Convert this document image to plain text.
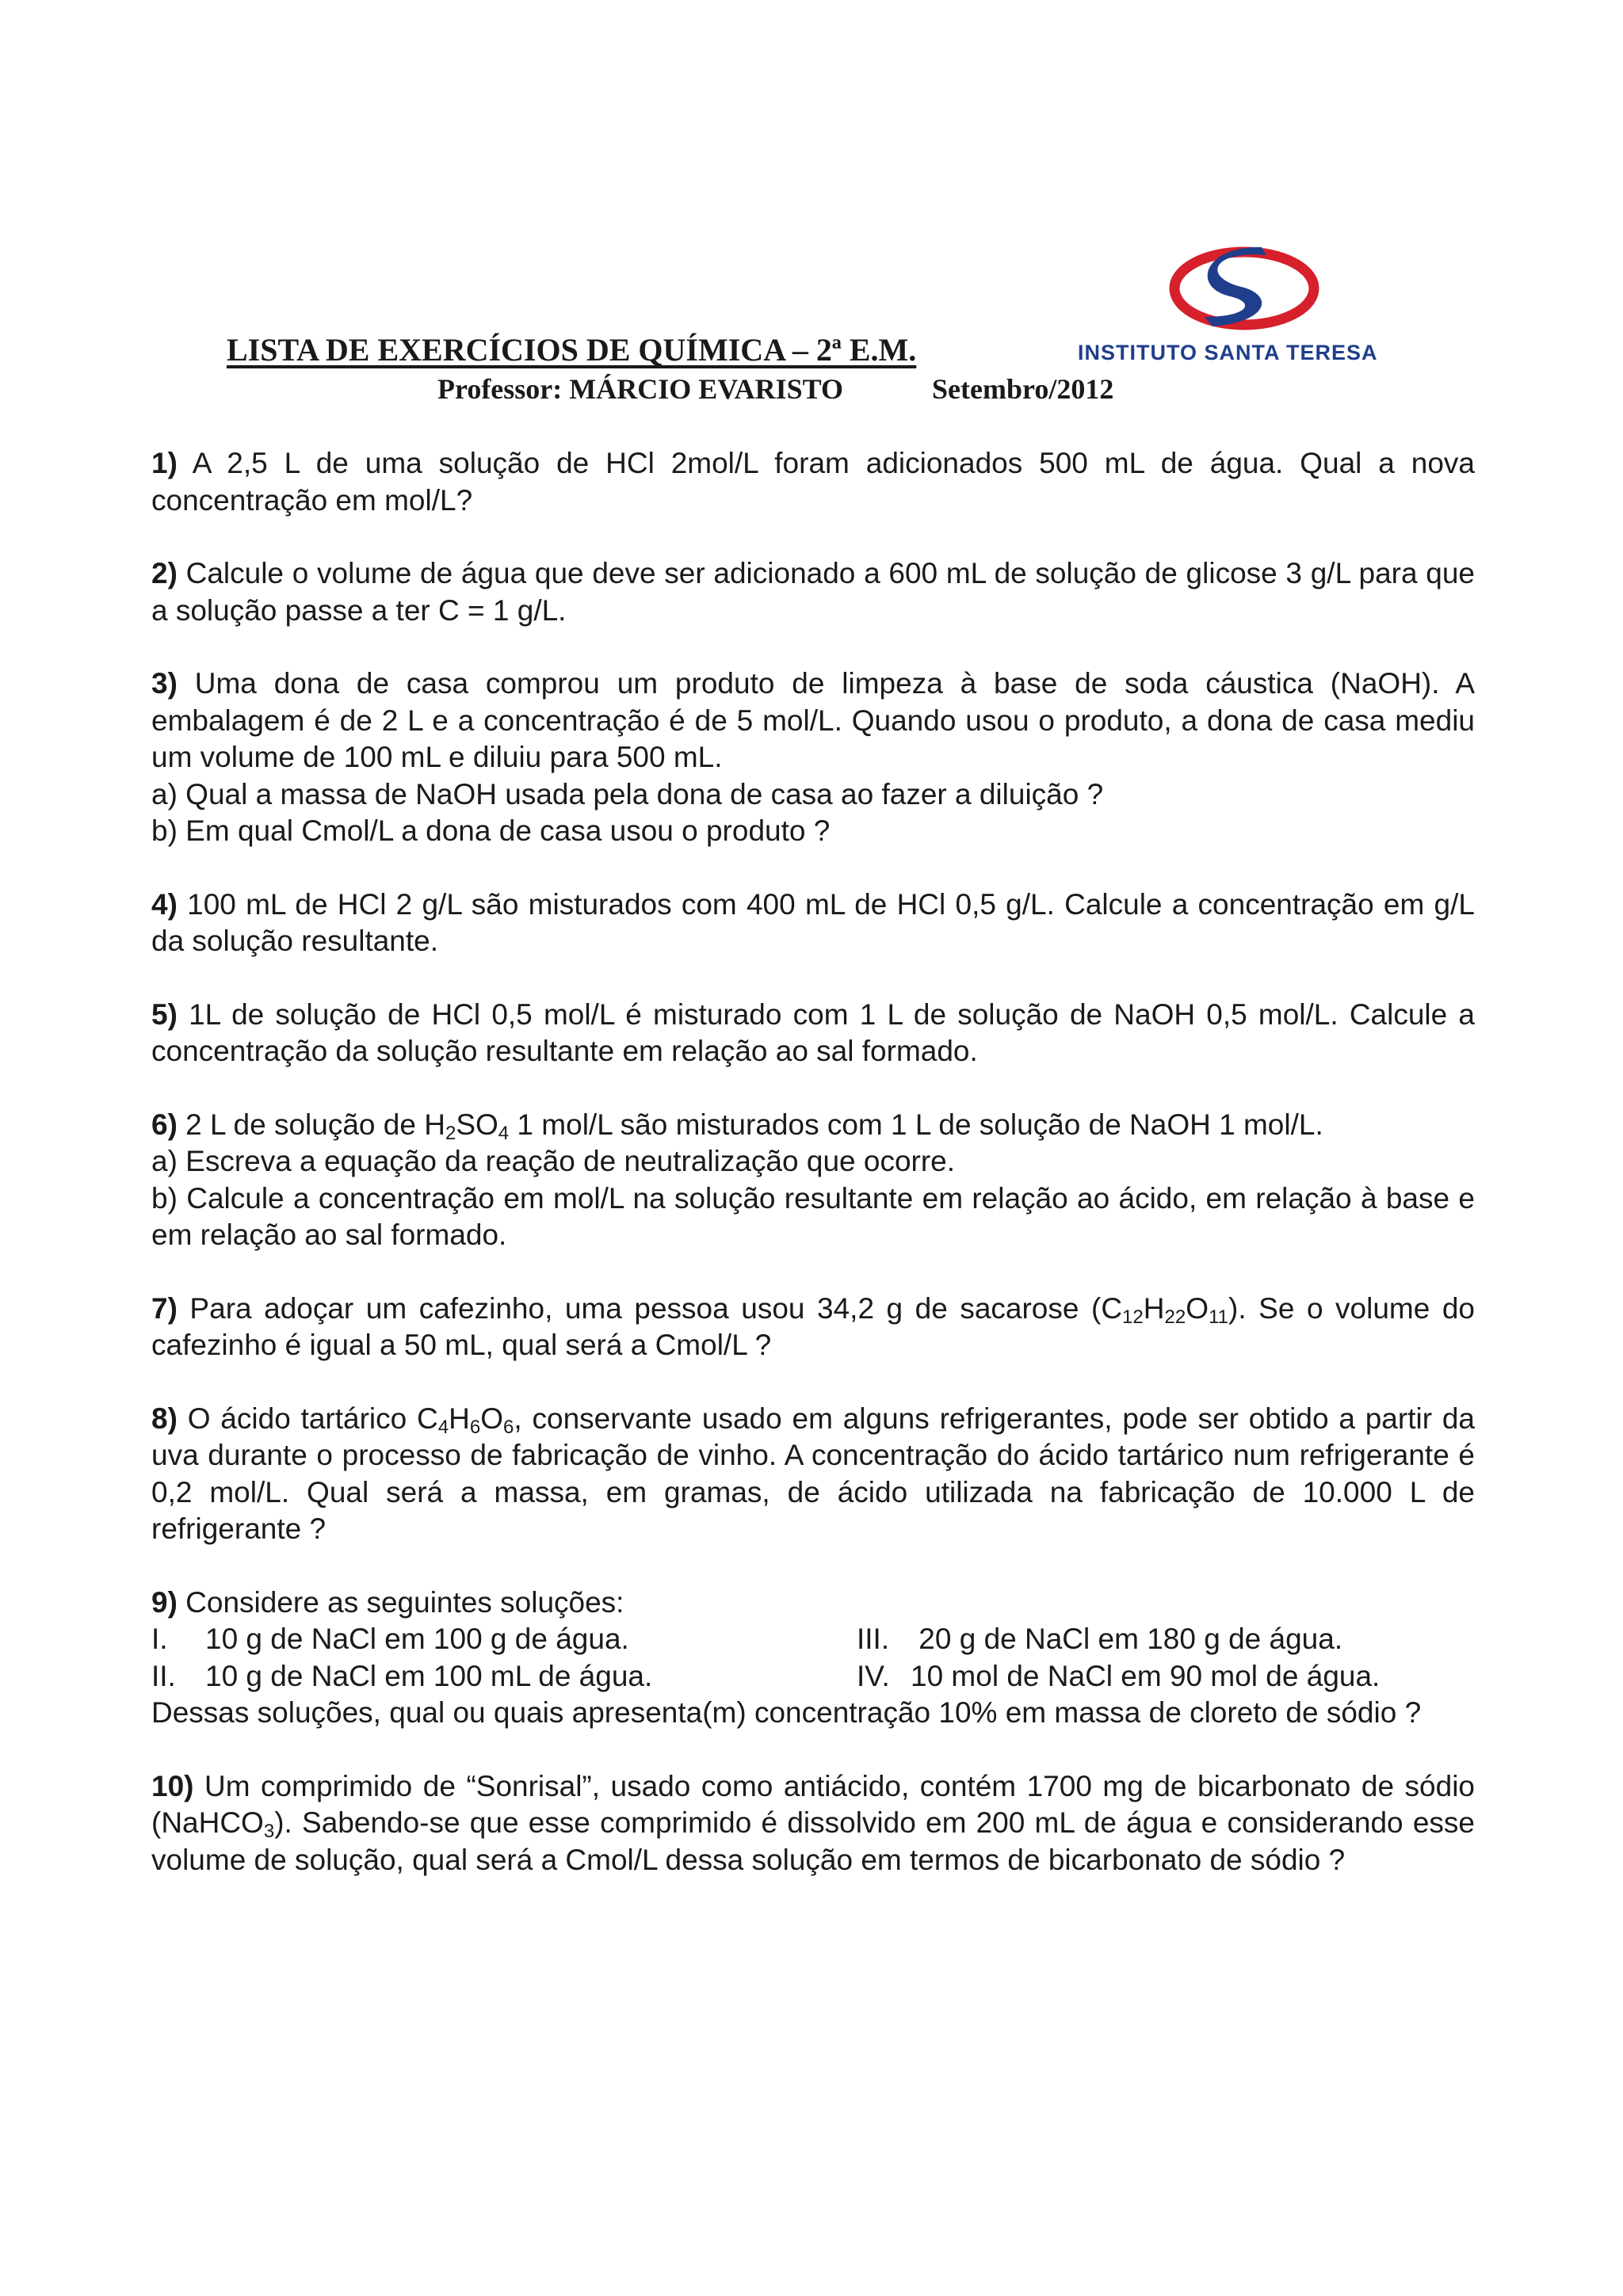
INSTITUTO SANTA TERESA
LISTA DE EXERCÍCIOS DE QUÍMICA – 2ª E.M.
Professor: MÁRCIO EVARISTO	Setembro/2012

1) A 2,5 L de uma solução de HCl 2mol/L foram adicionados 500 mL de água. Qual a nova concentração em mol/L?

2) Calcule o volume de água que deve ser adicionado a 600 mL de solução de glicose 3 g/L para que a solução passe a ter C = 1 g/L.

3) Uma dona de casa comprou um produto de limpeza à base de soda cáustica (NaOH). A embalagem é de 2 L e a concentração é de 5 mol/L. Quando usou o produto, a dona de casa mediu um volume de 100 mL e diluiu para 500 mL.

a) Qual a massa de NaOH usada pela dona de casa ao fazer a diluição ?

b) Em qual Cmol/L a dona de casa usou o produto ?

4) 100 mL de HCl 2 g/L são misturados com 400 mL de HCl 0,5 g/L. Calcule a concentração em g/L da solução resultante.

5) 1L de solução de HCl 0,5 mol/L é misturado com 1 L de solução de NaOH 0,5 mol/L. Calcule a concentração da solução resultante em relação ao sal formado.

6) 2 L de solução de $H_2SO_4$ 1 mol/L são misturados com 1 L de solução de NaOH 1 mol/L.

a) Escreva a equação da reação de neutralização que ocorre.

b) Calcule a concentração em mol/L na solução resultante em relação ao ácido, em relação à base e em relação ao sal formado.

7) Para adoçar um cafezinho, uma pessoa usou 34,2 g de sacarose $(C_{12}H_{22}O_{11})$. Se o volume do cafezinho é igual a 50 mL, qual será a Cmol/L ?

8) O ácido tartárico $C_4H_6O_6$, conservante usado em alguns refrigerantes, pode ser obtido a partir da uva durante o processo de fabricação de vinho. A concentração do ácido tartárico num refrigerante é 0,2 mol/L. Qual será a massa, em gramas, de ácido utilizada na fabricação de 10.000 L de refrigerante ?

9) Considere as seguintes soluções:

I. 10 g de NaCl em 100 g de água.	III. 20 g de NaCl em 180 g de água.
II. 10 g de NaCl em 100 mL de água.	IV. 10 mol de NaCl em 90 mol de água.

Dessas soluções, qual ou quais apresenta(m) concentração 10% em massa de cloreto de sódio ?

10) Um comprimido de “Sonrisal”, usado como antiácido, contém 1700 mg de bicarbonato de sódio (NaHCO$_3$). Sabendo-se que esse comprimido é dissolvido em 200 mL de água e considerando esse volume de solução, qual será a Cmol/L dessa solução em termos de bicarbonato de sódio ?
